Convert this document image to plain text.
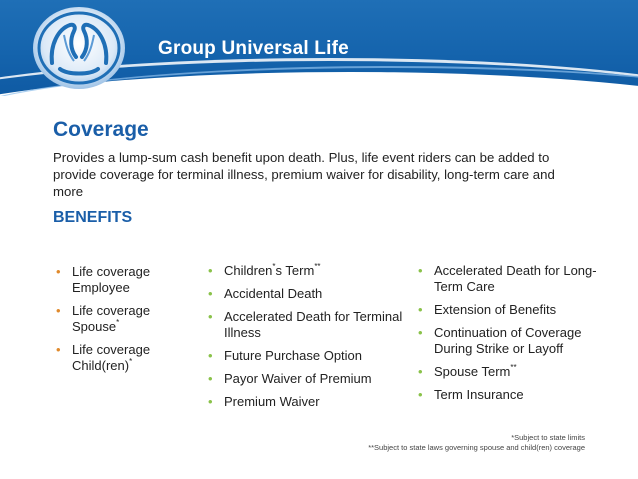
Group Universal Life
Coverage
Provides a lump-sum cash benefit upon death. Plus, life event riders can be added to provide coverage for terminal illness, premium waiver for disability, long-term care and more
BENEFITS
• Life coverage Employee
• Life coverage Spouse*
• Life coverage Child(ren)*
• Children*s Term**
• Accidental Death
• Accelerated Death for Terminal Illness
• Future Purchase Option
• Payor Waiver of Premium
• Premium Waiver
• Accelerated Death for Long-Term Care
• Extension of Benefits
• Continuation of Coverage During Strike or Layoff
• Spouse Term**
• Term Insurance
*Subject to state limits
**Subject to state laws governing spouse and child(ren) coverage
